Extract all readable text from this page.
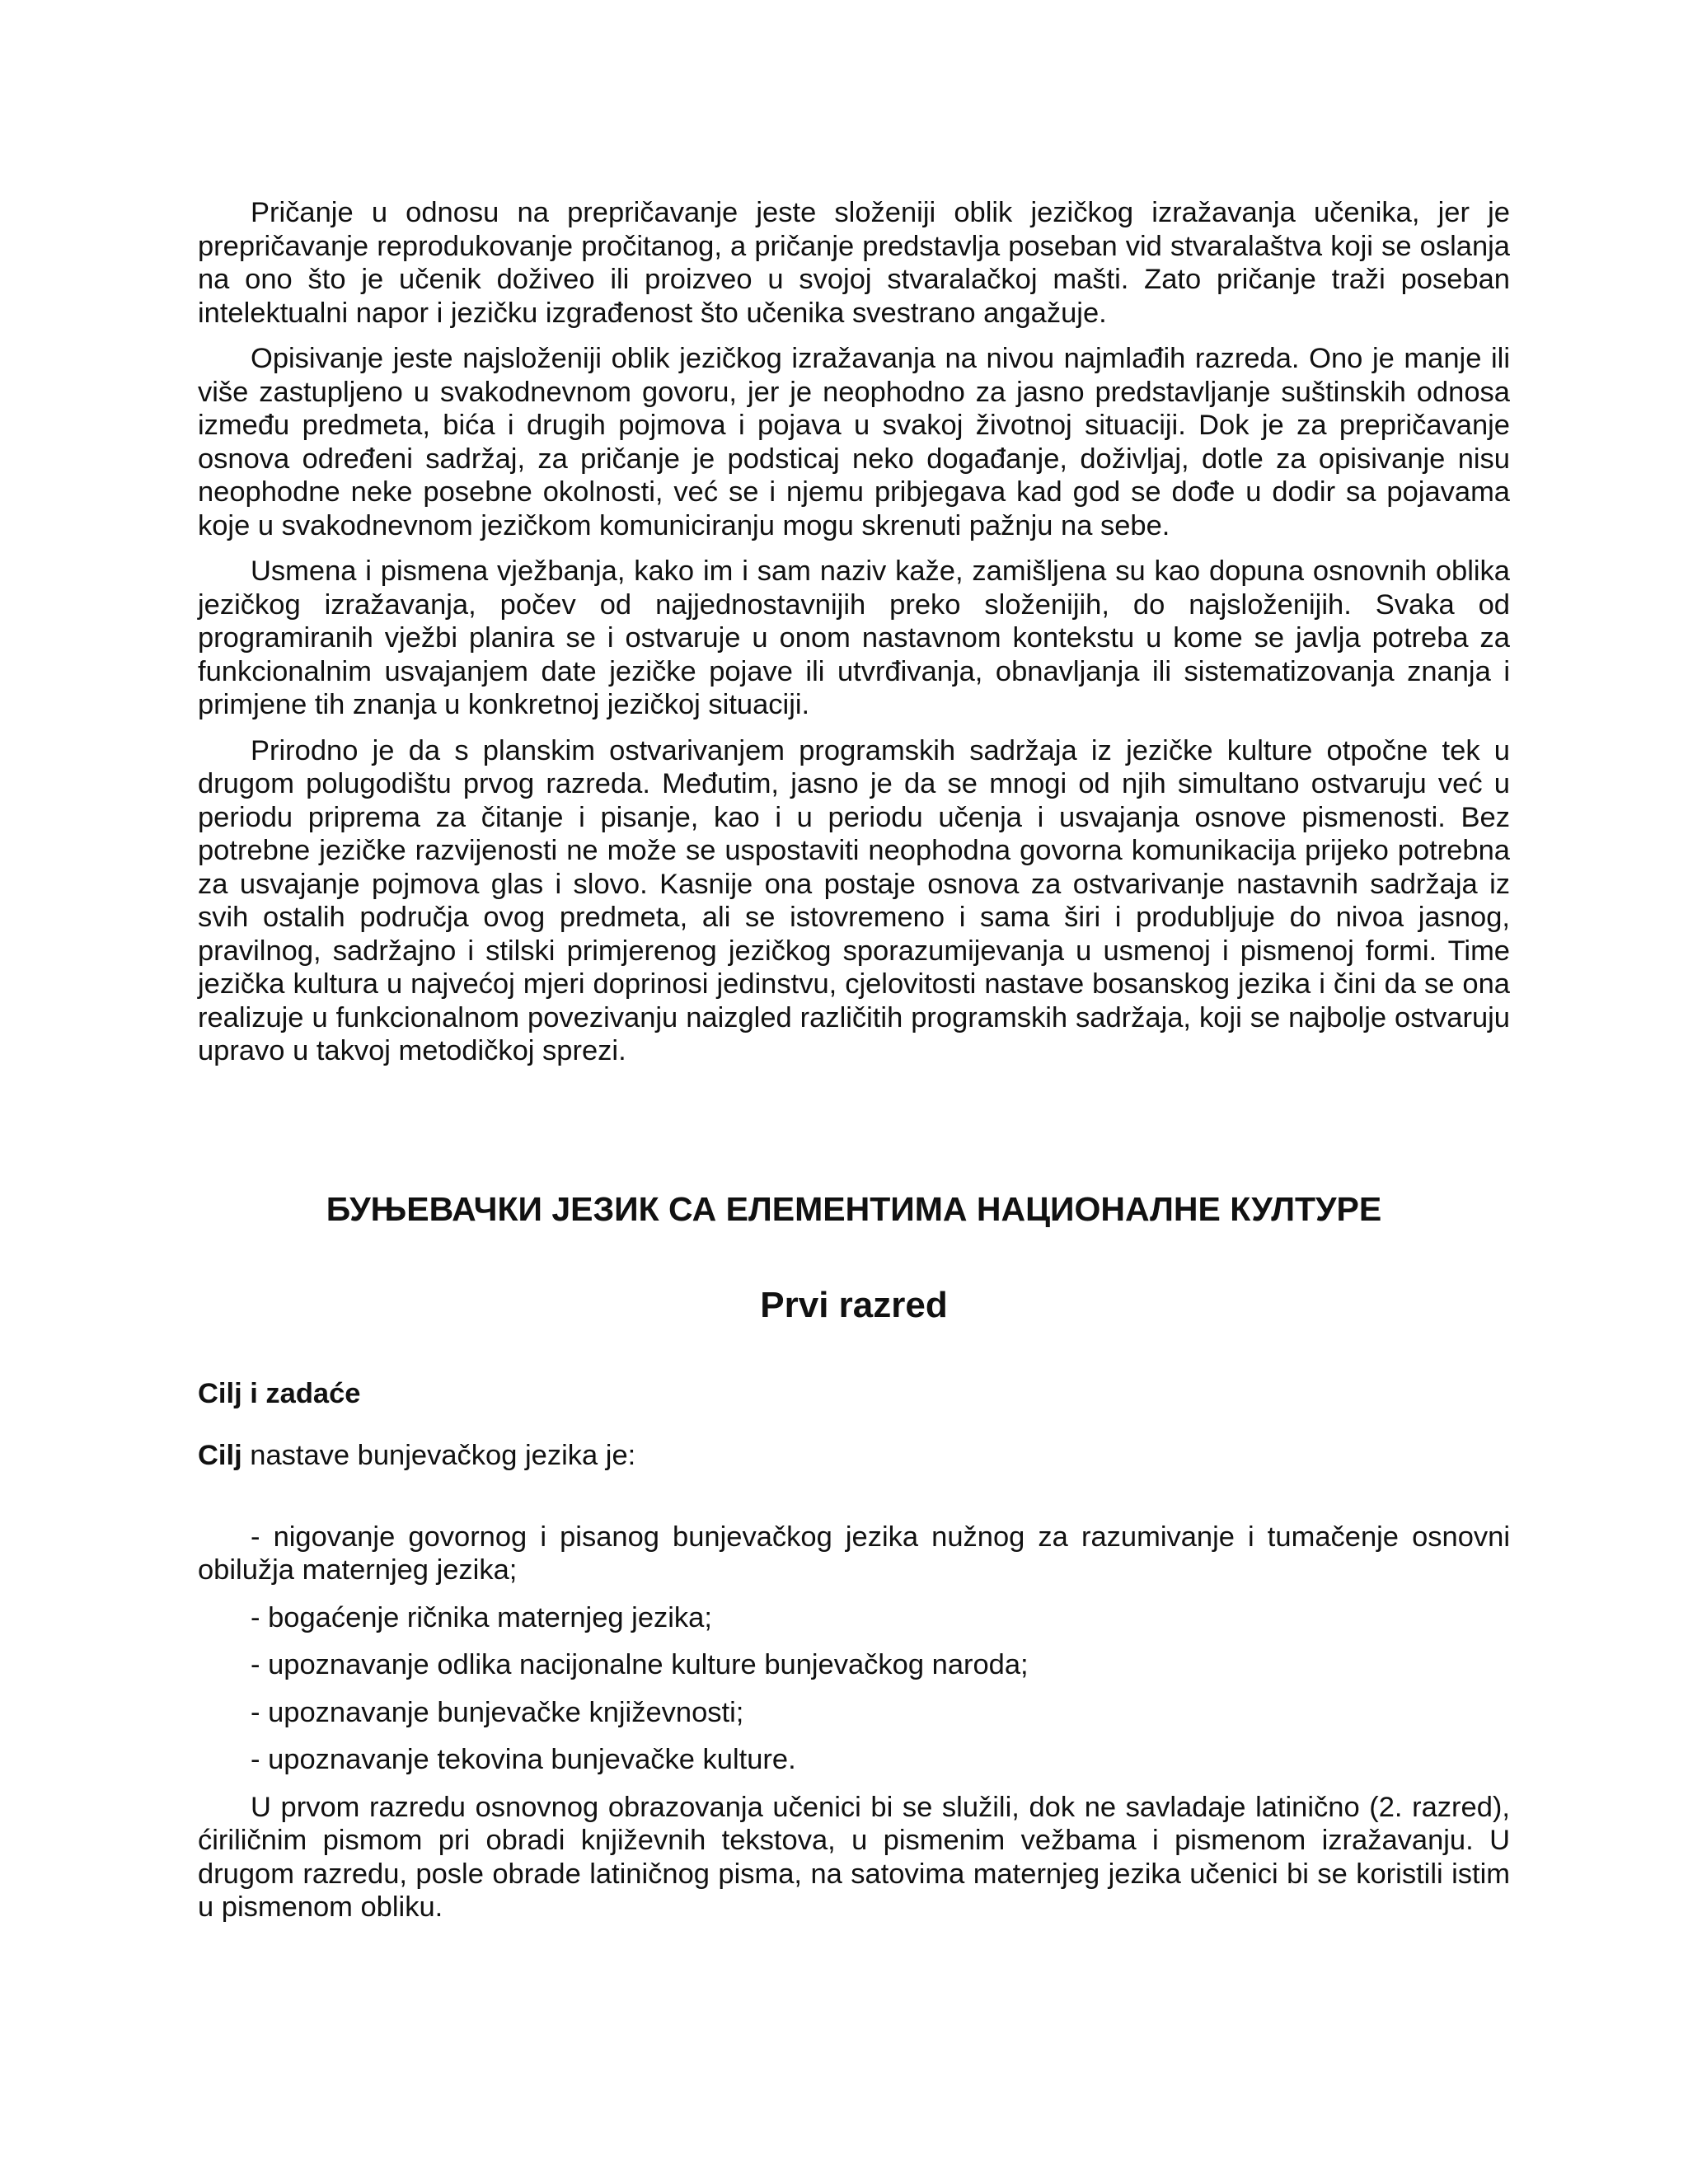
Pričanje u odnosu na prepričavanje jeste složeniji oblik jezičkog izražavanja učenika, jer je prepričavanje reprodukovanje pročitanog, a pričanje predstavlja poseban vid stvaralaštva koji se oslanja na ono što je učenik doživeo ili proizveo u svojoj stvaralačkoj mašti. Zato pričanje traži poseban intelektualni napor i jezičku izgrađenost što učenika svestrano angažuje.

Opisivanje jeste najsloženiji oblik jezičkog izražavanja na nivou najmlađih razreda. Ono je manje ili više zastupljeno u svakodnevnom govoru, jer je neophodno za jasno predstavljanje suštinskih odnosa između predmeta, bića i drugih pojmova i pojava u svakoj životnoj situaciji. Dok je za prepričavanje osnova određeni sadržaj, za pričanje je podsticaj neko događanje, doživljaj, dotle za opisivanje nisu neophodne neke posebne okolnosti, već se i njemu pribjegava kad god se dođe u dodir sa pojavama koje u svakodnevnom jezičkom komuniciranju mogu skrenuti pažnju na sebe.

Usmena i pismena vježbanja, kako im i sam naziv kaže, zamišljena su kao dopuna osnovnih oblika jezičkog izražavanja, počev od najjednostavnijih preko složenijih, do najsloženijih. Svaka od programiranih vježbi planira se i ostvaruje u onom nastavnom kontekstu u kome se javlja potreba za funkcionalnim usvajanjem date jezičke pojave ili utvrđivanja, obnavljanja ili sistematizovanja znanja i primjene tih znanja u konkretnoj jezičkoj situaciji.

Prirodno je da s planskim ostvarivanjem programskih sadržaja iz jezičke kulture otpočne tek u drugom polugodištu prvog razreda. Međutim, jasno je da se mnogi od njih simultano ostvaruju već u periodu priprema za čitanje i pisanje, kao i u periodu učenja i usvajanja osnove pismenosti. Bez potrebne jezičke razvijenosti ne može se uspostaviti neophodna govorna komunikacija prijeko potrebna za usvajanje pojmova glas i slovo. Kasnije ona postaje osnova za ostvarivanje nastavnih sadržaja iz svih ostalih područja ovog predmeta, ali se istovremeno i sama širi i produbljuje do nivoa jasnog, pravilnog, sadržajno i stilski primjerenog jezičkog sporazumijevanja u usmenoj i pismenoj formi. Time jezička kultura u najvećoj mjeri doprinosi jedinstvu, cjelovitosti nastave bosanskog jezika i čini da se ona realizuje u funkcionalnom povezivanju naizgled različitih programskih sadržaja, koji se najbolje ostvaruju upravo u takvoj metodičkoj sprezi.

БУЊЕВАЧКИ ЈЕЗИК СА ЕЛЕМЕНТИМА НАЦИОНАЛНЕ КУЛТУРЕ
Prvi razred
Cilj i zadaće

Cilj nastave bunjevačkog jezika je:

- nigovanje govornog i pisanog bunjevačkog jezika nužnog za razumivanje i tumačenje osnovni obilužja maternjeg jezika;

- bogaćenje ričnika maternjeg jezika;

- upoznavanje odlika nacijonalne kulture bunjevačkog naroda;

- upoznavanje bunjevačke književnosti;

- upoznavanje tekovina bunjevačke kulture.

U prvom razredu osnovnog obrazovanja učenici bi se služili, dok ne savladaje latinično (2. razred), ćiriličnim pismom pri obradi književnih tekstova, u pismenim vežbama i pismenom izražavanju. U drugom razredu, posle obrade latiničnog pisma, na satovima maternjeg jezika učenici bi se koristili istim u pismenom obliku.
